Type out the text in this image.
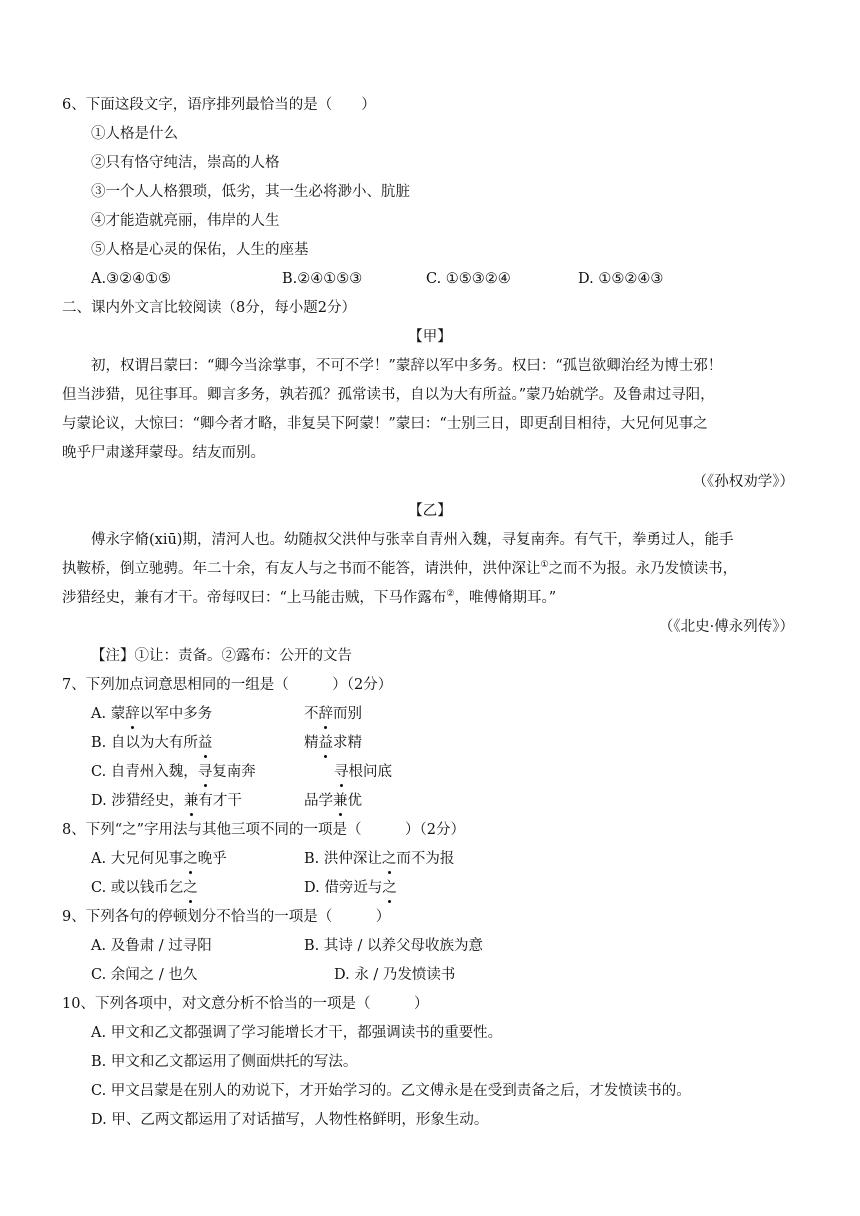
6、下面这段文字，语序排列最恰当的是（　　）
①人格是什么
②只有恪守纯洁，崇高的人格
③一个人人格猥琐，低劣，其一生必将渺小、肮脏
④才能造就亮丽，伟岸的人生
⑤人格是心灵的保佑，人生的座基
A.③②④①⑤	B.②④①⑤③	C. ①⑤③②④	D. ①⑤②④③
二、课内外文言比较阅读（8分，每小题2分）
【甲】
初，权谓吕蒙曰：“卿今当涂掌事，不可不学！”蒙辞以军中多务。权曰：“孤岂欲卿治经为博士邪！
但当涉猎，见往事耳。卿言多务，孰若孤？孤常读书，自以为大有所益。”蒙乃始就学。及鲁肃过寻阳，
与蒙论议，大惊曰：“卿今者才略，非复吴下阿蒙！”蒙曰：“士别三日，即更刮目相待，大兄何见事之
晚乎尸肃遂拜蒙母。结友而别。
（《孙权劝学》）
【乙】
傅永字脩(xiū)期，清河人也。幼随叔父洪仲与张幸自青州入魏，寻复南奔。有气干，拳勇过人，能手
执鞍桥，倒立驰骋。年二十余，有友人与之书而不能答，请洪仲，洪仲深让①之而不为报。永乃发愤读书，
涉猎经史，兼有才干。帝每叹曰：“上马能击贼，下马作露布②，唯傅脩期耳。”
（《北史·傅永列传》）
【注】①让：责备。②露布：公开的文告
7、下列加点词意思相同的一组是（　　　）（2分）
A. 蒙辞以军中多务	不辞而别
B. 自以为大有所益	精益求精
C. 自青州入魏，寻复南奔	寻根问底
D. 涉猎经史，兼有才干	品学兼优
8、下列“之”字用法与其他三项不同的一项是（　　　）（2分）
A. 大兄何见事之晚乎	B. 洪仲深让之而不为报
C. 或以钱币乞之	D. 借旁近与之
9、下列各句的停顿划分不恰当的一项是（　　　）
A. 及鲁肃 / 过寻阳	B. 其诗 / 以养父母收族为意
C. 余闻之 / 也久	D. 永 / 乃发愤读书
10、下列各项中，对文意分析不恰当的一项是（　　　）
A. 甲文和乙文都强调了学习能增长才干，都强调读书的重要性。
B. 甲文和乙文都运用了侧面烘托的写法。
C. 甲文吕蒙是在别人的劝说下，才开始学习的。乙文傅永是在受到责备之后，才发愤读书的。
D. 甲、乙两文都运用了对话描写，人物性格鲜明，形象生动。
